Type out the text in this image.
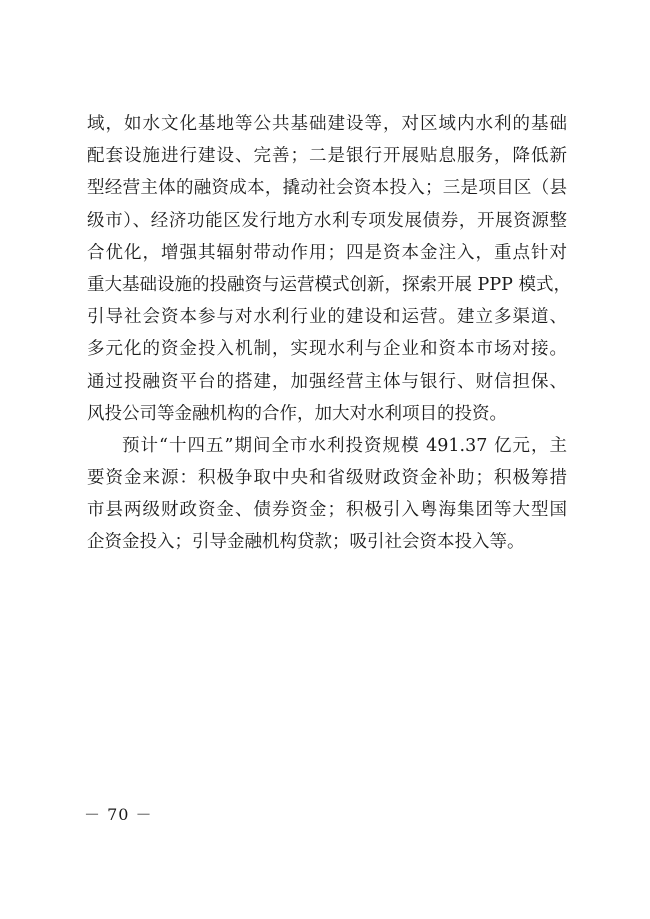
域，如水文化基地等公共基础建设等，对区域内水利的基础
配套设施进行建设、完善；二是银行开展贴息服务，降低新
型经营主体的融资成本，撬动社会资本投入；三是项目区（县
级市）、经济功能区发行地方水利专项发展债券，开展资源整
合优化，增强其辐射带动作用；四是资本金注入，重点针对
重大基础设施的投融资与运营模式创新，探索开展 PPP 模式，
引导社会资本参与对水利行业的建设和运营。建立多渠道、
多元化的资金投入机制，实现水利与企业和资本市场对接。
通过投融资平台的搭建，加强经营主体与银行、财信担保、
风投公司等金融机构的合作，加大对水利项目的投资。
预计“十四五”期间全市水利投资规模 491.37 亿元，主
要资金来源：积极争取中央和省级财政资金补助；积极筹措
市县两级财政资金、债券资金；积极引入粤海集团等大型国
企资金投入；引导金融机构贷款；吸引社会资本投入等。
－ 70 －
